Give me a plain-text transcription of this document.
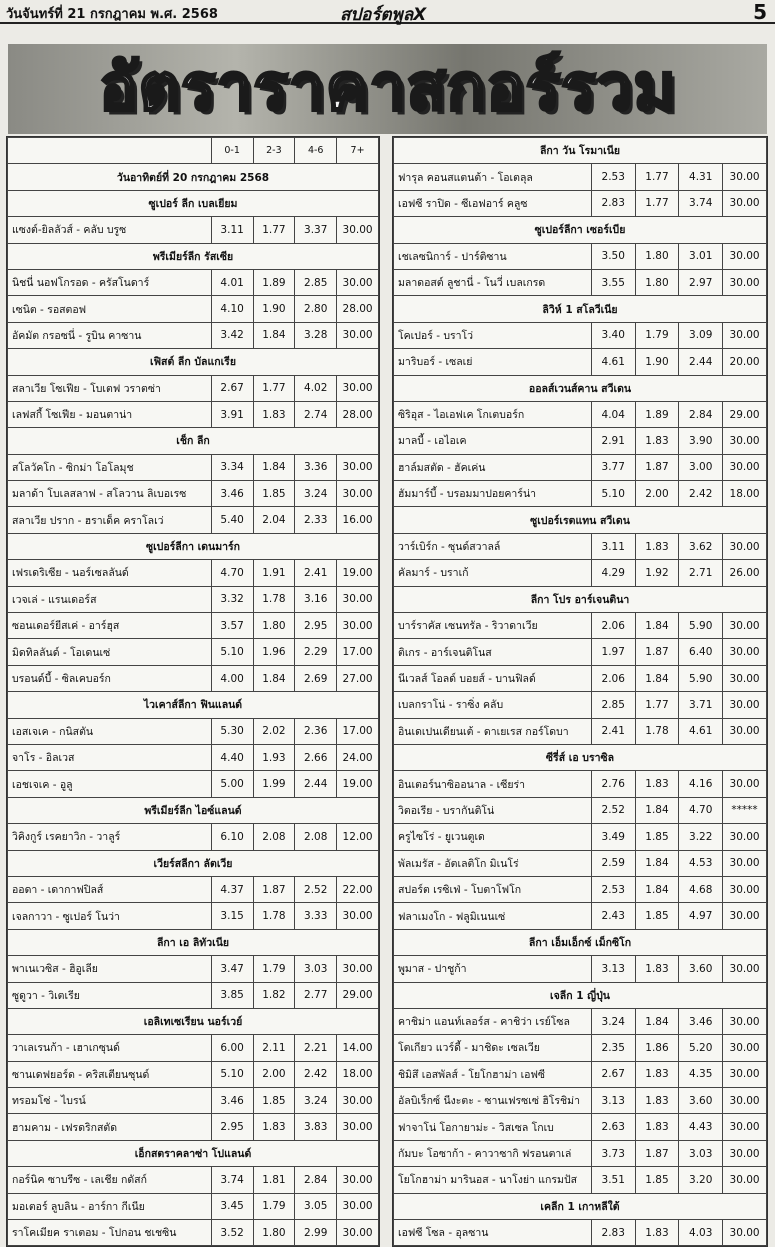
วันจันทร์ที่ 21 กรกฎาคม พ.ศ. 2568	สปอร์ตพูลX	5
อัตราราคาสกอร์รวม
	0-1	2-3	4-6	7+
วันอาทิตย์ที่ 20 กรกฎาคม 2568				
ซูเปอร์ ลีก เบลเยียม				
แซงต์-ยิลลัวส์ - คลับ บรูซ	3.11	1.77	3.37	30.00
พรีเมียร์ลีก รัสเซีย				
นิชนี่ นอฟโกรอด - ครัสโนดาร์	4.01	1.89	2.85	30.00
เซนิต - รอสตอฟ	4.10	1.90	2.80	28.00
อัคมัต กรอซนี่ - รูบิน คาซาน	3.42	1.84	3.28	30.00
เฟิสต์ ลีก บัลแกเรีย				
สลาเวีย โซเฟีย - โบเตฟ วราตซ่า	2.67	1.77	4.02	30.00
เลฟสกี้ โซเฟีย - มอนตาน่า	3.91	1.83	2.74	28.00
เช็ก ลีก				
สโลวัคโก - ซิกม่า โอโลมุช	3.34	1.84	3.36	30.00
มลาด้า โบเลสลาฟ - สโลวาน ลิเบอเรซ	3.46	1.85	3.24	30.00
สลาเวีย ปราก - ฮราเด็ค คราโลเว่	5.40	2.04	2.33	16.00
ซูเปอร์ลีกา เดนมาร์ก				
เฟรเดริเซีย - นอร์เซลลันด์	4.70	1.91	2.41	19.00
เวจเล่ - แรนเดอร์ส	3.32	1.78	3.16	30.00
ซอนเดอร์ยีสเค่ - อาร์ฮุส	3.57	1.80	2.95	30.00
มิดทิลลันด์ - โอเดนเซ่	5.10	1.96	2.29	17.00
บรอนด์บี้ - ซิลเคบอร์ก	4.00	1.84	2.69	27.00
ไวเคาส์ลีกา ฟินแลนด์				
เอสเจเค - กนิสตัน	5.30	2.02	2.36	17.00
จาโร - อิลเวส	4.40	1.93	2.66	24.00
เอชเจเค - อูลู	5.00	1.99	2.44	19.00
พรีเมียร์ลีก ไอซ์แลนด์				
วิคิงกูร์ เรคยาวิก - วาลูร์	6.10	2.08	2.08	12.00
เวียร์สลีกา ลัตเวีย				
ออดา - เดากาฟปิลส์	4.37	1.87	2.52	22.00
เจลกาวา - ซูเปอร์ โนว่า	3.15	1.78	3.33	30.00
ลีกา เอ ลิทัวเนีย				
พาเนเวซิส - ฮิอูเลีย	3.47	1.79	3.03	30.00
ซูดูวา - วิเตเรีย	3.85	1.82	2.77	29.00
เอลิเทเซเรียน นอร์เวย์				
วาเลเรนก้า - เฮาเกซุนด์	6.00	2.11	2.21	14.00
ซานเดฟยอร์ด - คริสเตียนซุนด์	5.10	2.00	2.42	18.00
ทรอมโซ่ - ไบรน์	3.46	1.85	3.24	30.00
ฮามคาม - เฟรดริกสตัด	2.95	1.83	3.83	30.00
เอ็กสตราคลาซ่า โปแลนด์				
กอร์นิค ซาบรีซ - เลเชีย กดัสก์	3.74	1.81	2.84	30.00
มอเตอร์ ลูบลิน - อาร์กา กีเนีย	3.45	1.79	3.05	30.00
ราโคเมียค ราเตอม - โปกอน ชเชซิน	3.52	1.80	2.99	30.00
ลีกา วัน โรมาเนีย				
ฟารุล คอนสแตนต้า - โอเตลุล	2.53	1.77	4.31	30.00
เอฟซี ราปิด - ซีเอฟอาร์ คลูซ	2.83	1.77	3.74	30.00
ซูเปอร์ลีกา เซอร์เบีย				
เชเลซนิการ์ - ปาร์ติซาน	3.50	1.80	3.01	30.00
มลาดอสต์ ลูชานี่ - โนวี่ เบลเกรด	3.55	1.80	2.97	30.00
ลิวิห์ 1 สโลวีเนีย				
โคเปอร์ - บราโว่	3.40	1.79	3.09	30.00
มาริบอร์ - เซลเย่	4.61	1.90	2.44	20.00
ออลส์เวนส์คาน สวีเดน				
ซิริอุส - ไอเอฟเค โกเตบอร์ก	4.04	1.89	2.84	29.00
มาลบี้ - เอไอเค	2.91	1.83	3.90	30.00
ฮาล์มสตัด - ฮัคเค่น	3.77	1.87	3.00	30.00
ฮัมมาร์บี้ - บรอมมาปอยคาร์น่า	5.10	2.00	2.42	18.00
ซูเปอร์เรตแทน สวีเดน				
วาร์เบิร์ก - ซุนด์สวาลล์	3.11	1.83	3.62	30.00
คัลมาร์ - บราเก้	4.29	1.92	2.71	26.00
ลีกา โปร อาร์เจนตินา				
บาร์ราคัส เซนทรัล - ริวาดาเวีย	2.06	1.84	5.90	30.00
ติเกร - อาร์เจนติโนส	1.97	1.87	6.40	30.00
นีเวลส์ โอลด์ บอยส์ - บานฟิลด์	2.06	1.84	5.90	30.00
เบลกราโน่ - ราซิ่ง คลับ	2.85	1.77	3.71	30.00
อินเดเปนเดียนเต้ - ดาเยเรส กอร์โดบา	2.41	1.78	4.61	30.00
ซีรี่ส์ เอ บราซิล				
อินเตอร์นาซิออนาล - เซียร่า	2.76	1.83	4.16	30.00
วิตอเรีย - บรากันติโน่	2.52	1.84	4.70	*****
ครูไซโร่ - ยูเวนตูเด	3.49	1.85	3.22	30.00
พัลเมรัส - อัตเลติโก มิเนโร่	2.59	1.84	4.53	30.00
สปอร์ต เรซิเฟ่ - โบตาโฟโก	2.53	1.84	4.68	30.00
ฟลาเมงโก - ฟลูมิเนนเซ่	2.43	1.85	4.97	30.00
ลีกา เอ็มเอ็กซ์ เม็กซิโก				
พูมาส - ปาชูก้า	3.13	1.83	3.60	30.00
เจลีก 1 ญี่ปุ่น				
คาชิม่า แอนท์เลอร์ส - คาชิว่า เรย์โซล	3.24	1.84	3.46	30.00
โตเกียว แวร์ดี้ - มาชิดะ เซลเวีย	2.35	1.86	5.20	30.00
ชิมิสึ เอสพัลส์ - โยโกฮาม่า เอฟซี	2.67	1.83	4.35	30.00
อัลบิเร็กซ์ นีงะตะ - ซานเฟรซเซ่ ฮิโรชิม่า	3.13	1.83	3.60	30.00
ฟาจาโน่ โอกายาม่ะ - วิสเซล โกเบ	2.63	1.83	4.43	30.00
กัมบะ โอซาก้า - คาวาซากิ ฟรอนตาเล่	3.73	1.87	3.03	30.00
โยโกฮาม่า มารินอส - นาโงย่า แกรมปัส	3.51	1.85	3.20	30.00
เคลีก 1 เกาหลีใต้				
เอฟซี โซล - อุลซาน	2.83	1.83	4.03	30.00
